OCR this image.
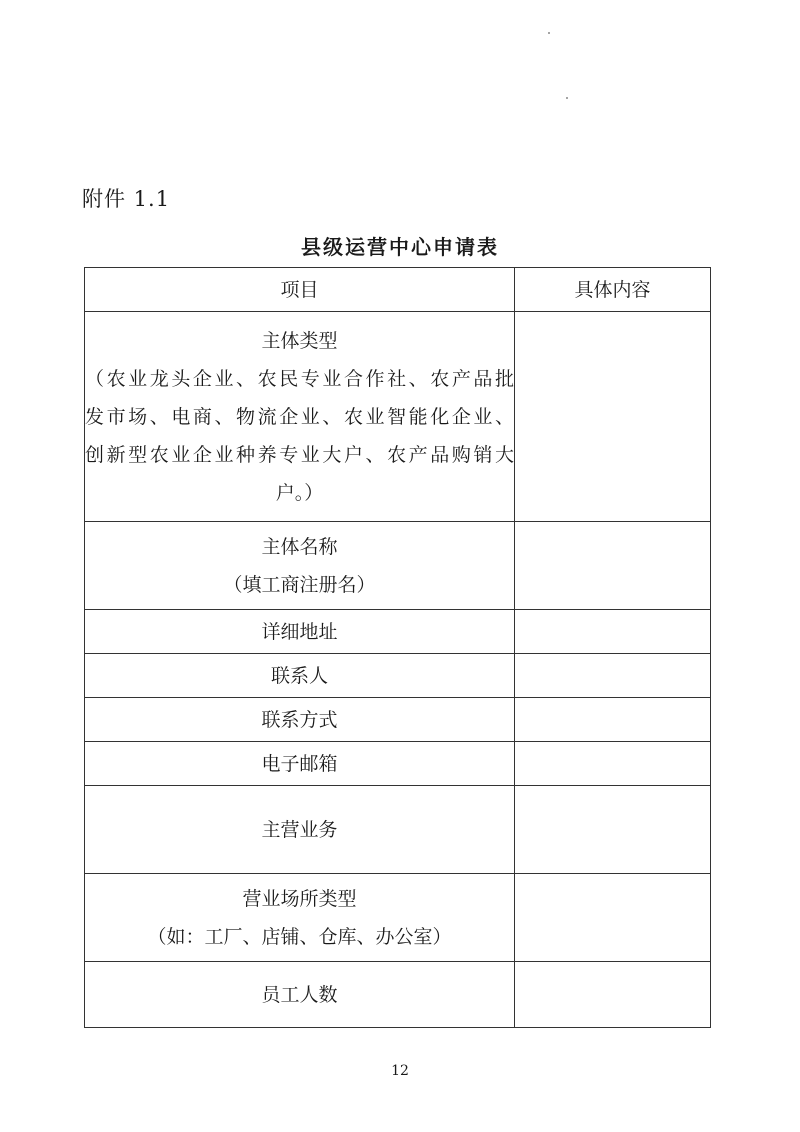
附件 1.1
县级运营中心申请表
项目	具体内容

主体类型
（农业龙头企业、农民专业合作社、农产品批
发市场、电商、物流企业、农业智能化企业、
创新型农业企业种养专业大户、农产品购销大
户。）	

主体名称
（填工商注册名）	

详细地址	
联系人	
联系方式	
电子邮箱	
主营业务	

营业场所类型
（如：工厂、店铺、仓库、办公室）	

员工人数	
12
